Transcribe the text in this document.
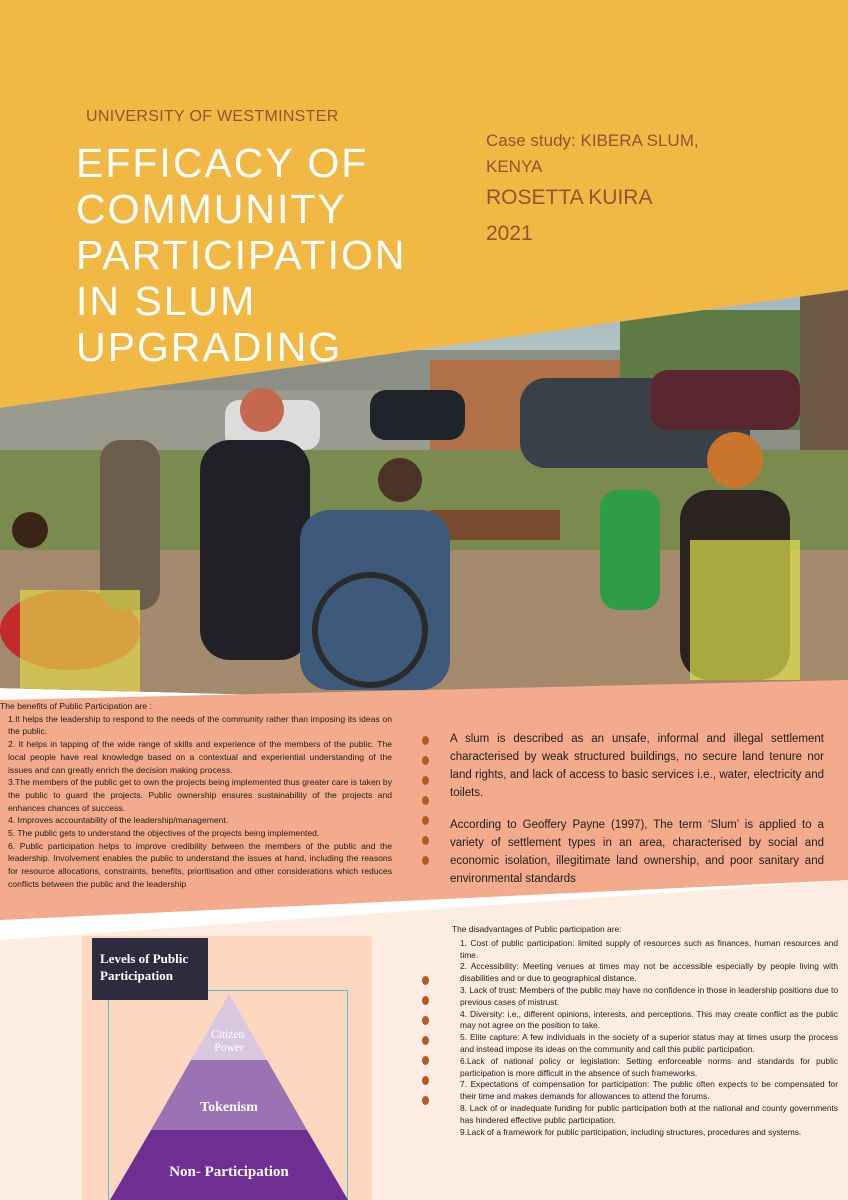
UNIVERSITY OF WESTMINSTER
EFFICACY OF
COMMUNITY
PARTICIPATION
IN SLUM
UPGRADING
Case study: KIBERA SLUM, KENYA
ROSETTA KUIRA
2021
The benefits of Public Participation are :
1.It helps the leadership to respond to the needs of the community rather than imposing its ideas on the public.
2. It helps in tapping of the wide range of skills and experience of the members of the public. The local people have real knowledge based on a contextual and experiential understanding of the issues and can greatly enrich the decision making process.
3.The members of the public get to own the projects being implemented thus greater care is taken by the public to guard the projects. Public ownership ensures sustainability of the projects and enhances chances of success.
4. Improves accountability of the leadership/management.
5. The public gets to understand the objectives of the projects being implemented.
6. Public participation helps to improve credibility between the members of the public and the leadership. Involvement enables the public to understand the issues at hand, including the reasons for resource allocations, constraints, benefits, prioritisation and other considerations which reduces conflicts between the public and the leadership

A slum is described as an unsafe, informal and illegal settlement characterised by weak structured buildings, no secure land tenure nor land rights, and lack of access to basic services i.e., water, electricity and toilets.

According to Geoffery Payne (1997), The term ‘Slum’ is applied to a variety of settlement types in an area, characterised by social and economic isolation, illegitimate land ownership, and poor sanitary and environmental standards

Citizen Power
Tokenism
Non- Participation
Levels of Public Participation
The disadvantages of Public participation are:
1. Cost of public participation: limited supply of resources such as finances, human resources and time.
2. Accessibility: Meeting venues at times may not be accessible especially by people living with disabilities and or due to geographical distance.
3. Lack of trust: Members of the public may have no confidence in those in leadership positions due to previous cases of mistrust.
4. Diversity: i.e., different opinions, interests, and perceptions. This may create conflict as the public may not agree on the position to take.
5. Elite capture: A few individuals in the society of a superior status may at times usurp the process and instead impose its ideas on the community and call this public participation.
6.Lack of national policy or legislation: Setting enforceable norms and standards for public participation is more difficult in the absence of such frameworks.
7. Expectations of compensation for participation: The public often expects to be compensated for their time and makes demands for allowances to attend the forums.
8. Lack of or inadequate funding for public participation both at the national and county governments has hindered effective public participation.
9.Lack of a framework for public participation, including structures, procedures and systems.
